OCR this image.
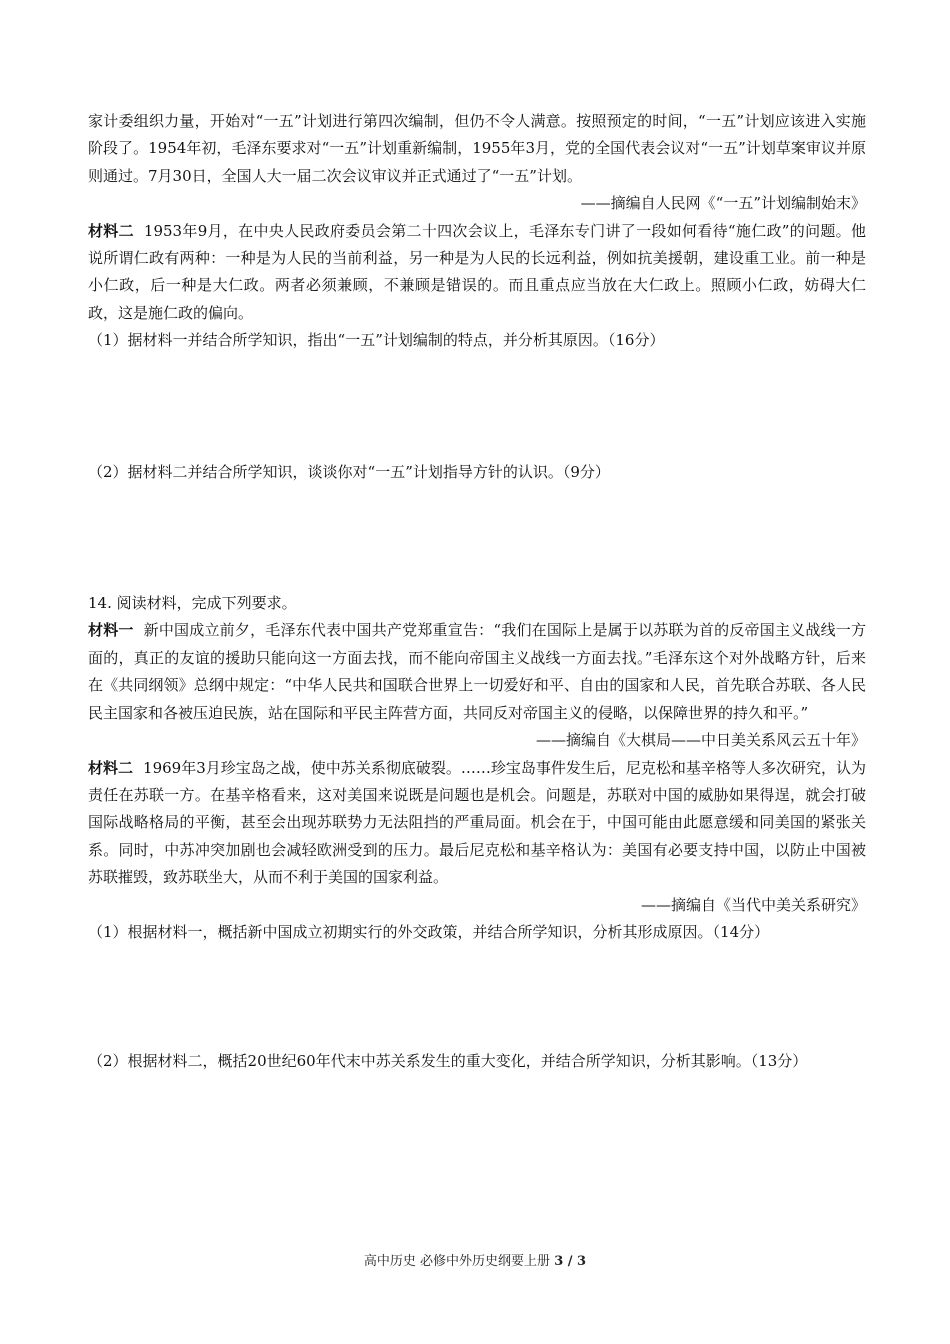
家计委组织力量，开始对“一五”计划进行第四次编制，但仍不令人满意。按照预定的时间，“一五”计划应该进入实施阶段了。1954年初，毛泽东要求对“一五”计划重新编制，1955年3月，党的全国代表会议对“一五”计划草案审议并原则通过。7月30日，全国人大一届二次会议审议并正式通过了“一五”计划。

——摘编自人民网《“一五”计划编制始末》

材料二 1953年9月，在中央人民政府委员会第二十四次会议上，毛泽东专门讲了一段如何看待“施仁政”的问题。他说所谓仁政有两种：一种是为人民的当前利益，另一种是为人民的长远利益，例如抗美援朝，建设重工业。前一种是小仁政，后一种是大仁政。两者必须兼顾，不兼顾是错误的。而且重点应当放在大仁政上。照顾小仁政，妨碍大仁政，这是施仁政的偏向。

（1）据材料一并结合所学知识，指出“一五”计划编制的特点，并分析其原因。（16分）

（2）据材料二并结合所学知识，谈谈你对“一五”计划指导方针的认识。（9分）

14. 阅读材料，完成下列要求。

材料一 新中国成立前夕，毛泽东代表中国共产党郑重宣告：“我们在国际上是属于以苏联为首的反帝国主义战线一方面的，真正的友谊的援助只能向这一方面去找，而不能向帝国主义战线一方面去找。”毛泽东这个对外战略方针，后来在《共同纲领》总纲中规定：“中华人民共和国联合世界上一切爱好和平、自由的国家和人民，首先联合苏联、各人民民主国家和各被压迫民族，站在国际和平民主阵营方面，共同反对帝国主义的侵略，以保障世界的持久和平。”

——摘编自《大棋局——中日美关系风云五十年》

材料二 1969年3月珍宝岛之战，使中苏关系彻底破裂。……珍宝岛事件发生后，尼克松和基辛格等人多次研究，认为责任在苏联一方。在基辛格看来，这对美国来说既是问题也是机会。问题是，苏联对中国的威胁如果得逞，就会打破国际战略格局的平衡，甚至会出现苏联势力无法阻挡的严重局面。机会在于，中国可能由此愿意缓和同美国的紧张关系。同时，中苏冲突加剧也会减轻欧洲受到的压力。最后尼克松和基辛格认为：美国有必要支持中国，以防止中国被苏联摧毁，致苏联坐大，从而不利于美国的国家利益。

——摘编自《当代中美关系研究》

（1）根据材料一，概括新中国成立初期实行的外交政策，并结合所学知识，分析其形成原因。（14分）

（2）根据材料二，概括20世纪60年代末中苏关系发生的重大变化，并结合所学知识，分析其影响。（13分）

高中历史 必修中外历史纲要上册 3 / 3
